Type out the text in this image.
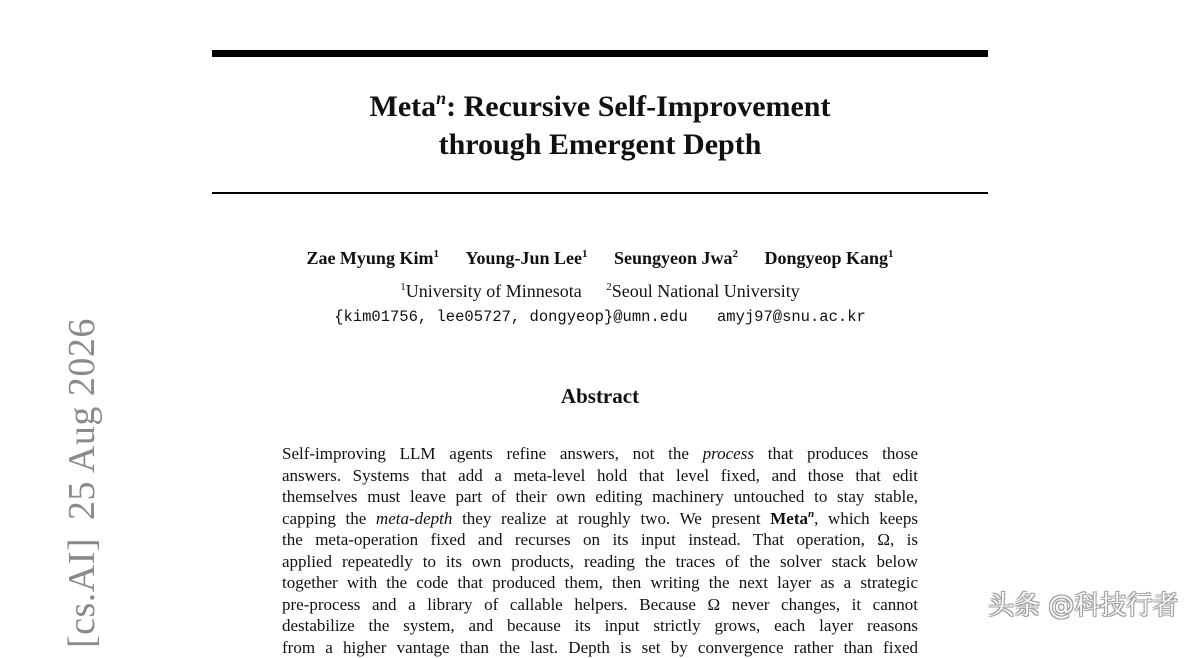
Meta$^n$: Recursive Self-Improvement
through Emergent Depth
Zae Myung Kim$^1$ Young-Jun Lee$^1$ Seungyeon Jwa$^2$ Dongyeop Kang$^1$
$^1$University of Minnesota $^2$Seoul National University
{kim01756, lee05727, dongyeop}@umn.edu amyj97@snu.ac.kr
Abstract
Self-improving LLM agents refine answers, not the process that produces those
answers. Systems that add a meta-level hold that level fixed, and those that edit
themselves must leave part of their own editing machinery untouched to stay stable,
capping the meta-depth they realize at roughly two. We present Meta$^n$, which keeps
the meta-operation fixed and recurses on its input instead. That operation, Ω, is
applied repeatedly to its own products, reading the traces of the solver stack below
together with the code that produced them, then writing the next layer as a strategic
pre-process and a library of callable helpers. Because Ω never changes, it cannot
destabilize the system, and because its input strictly grows, each layer reasons
from a higher vantage than the last. Depth is set by convergence rather than fixed
[cs.AI]25 Aug 2026
头条 @科技行者
